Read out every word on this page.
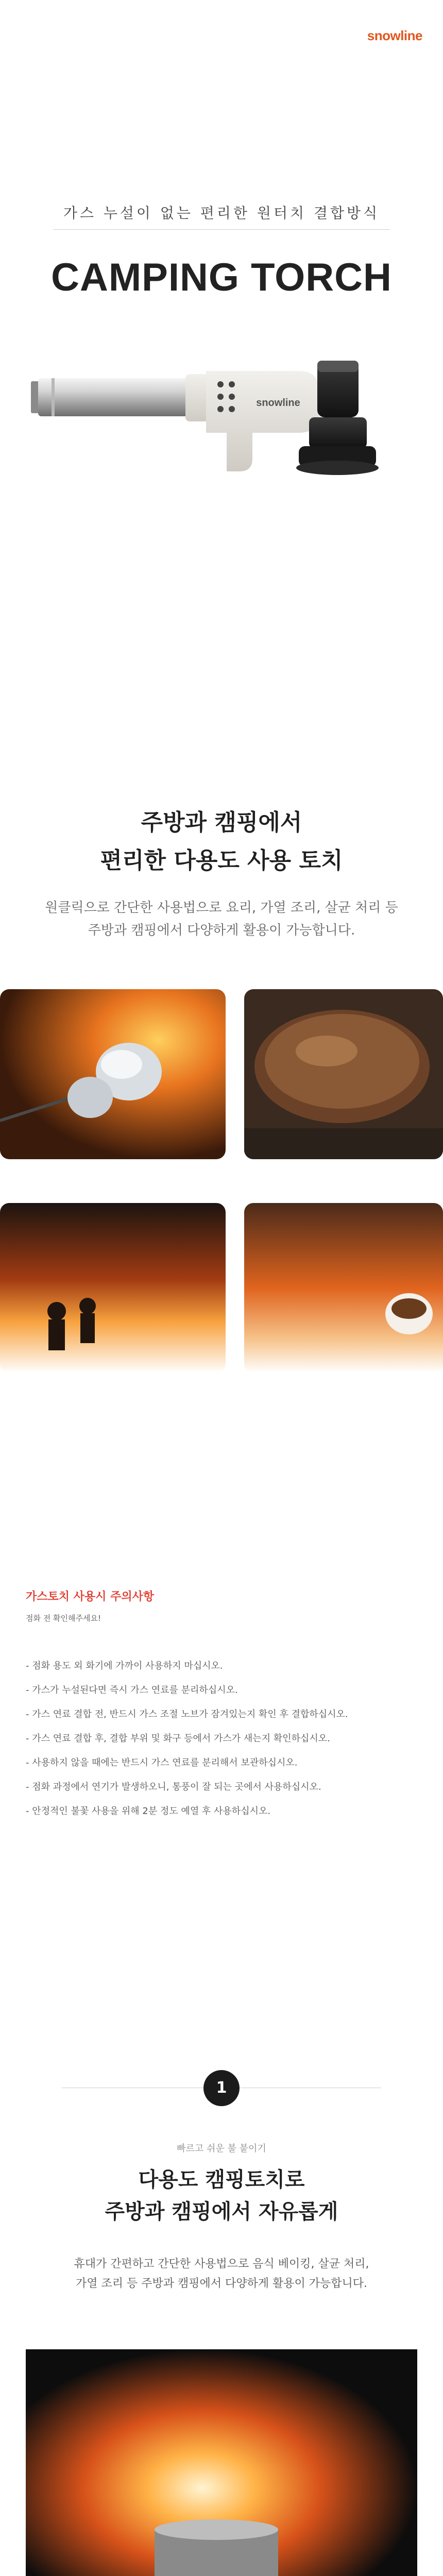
snowline
가스 누설이 없는 편리한 원터치 결합방식
CAMPING TORCH
snowline
주방과 캠핑에서
편리한 다용도 사용 토치
원클릭으로 간단한 사용법으로 요리, 가열 조리, 살균 처리 등
주방과 캠핑에서 다양하게 활용이 가능합니다.
가스토치 사용시 주의사항
점화 전 확인해주세요!
- 점화 용도 외 화기에 가까이 사용하지 마십시오.
- 가스가 누설된다면 즉시 가스 연료를 분리하십시오.
- 가스 연료 결합 전, 반드시 가스 조절 노브가 잠겨있는지 확인 후 결합하십시오.
- 가스 연료 결합 후, 결합 부위 및 화구 등에서 가스가 새는지 확인하십시오.
- 사용하지 않을 때에는 반드시 가스 연료를 분리해서 보관하십시오.
- 점화 과정에서 연기가 발생하오니, 통풍이 잘 되는 곳에서 사용하십시오.
- 안정적인 불꽃 사용을 위해 2분 정도 예열 후 사용하십시오.
1
빠르고 쉬운 불 붙이기
다용도 캠핑토치로
주방과 캠핑에서 자유롭게
휴대가 간편하고 간단한 사용법으로 음식 베이킹, 살균 처리,
가열 조리 등 주방과 캠핑에서 다양하게 활용이 가능합니다.
